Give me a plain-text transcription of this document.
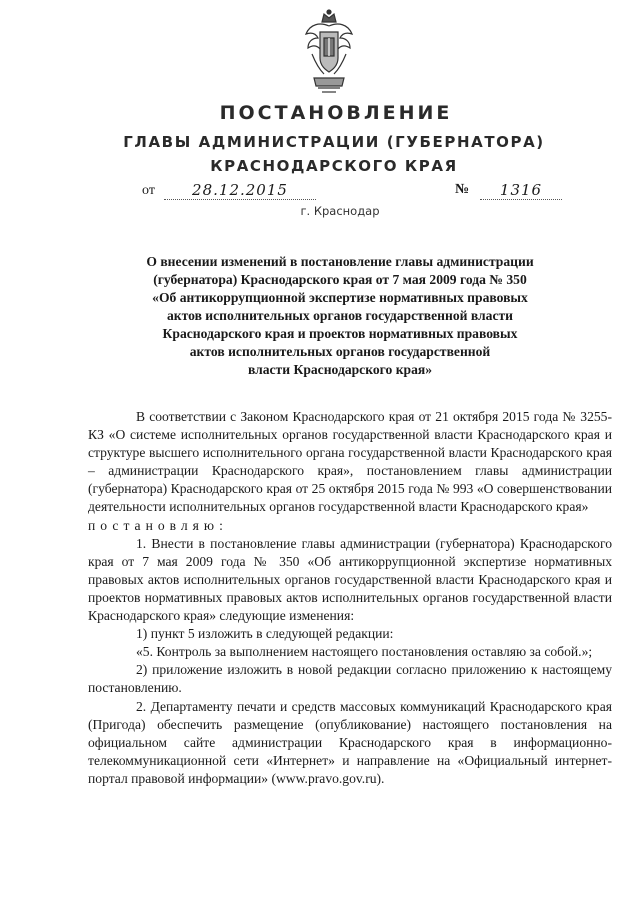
ПОСТАНОВЛЕНИЕ
ГЛАВЫ АДМИНИСТРАЦИИ (ГУБЕРНАТОРА)
КРАСНОДАРСКОГО КРАЯ
от	28.12.2015	№	1316
г. Краснодар
О внесении изменений в постановление главы администрации
(губернатора) Краснодарского края от 7 мая 2009 года № 350
«Об антикоррупционной экспертизе нормативных правовых
актов исполнительных органов государственной власти
Краснодарского края и проектов нормативных правовых
актов исполнительных органов государственной
власти Краснодарского края»

В соответствии с Законом Краснодарского края от 21 октября 2015 года № 3255-КЗ «О системе исполнительных органов государственной власти Краснодарского края и структуре высшего исполнительного органа государственной власти Краснодарского края – администрации Краснодарского края», постановлением главы администрации (губернатора) Краснодарского края от 25 октября 2015 года № 993 «О совершенствовании деятельности исполнительных органов государственной власти Краснодарского края»

постановляю:

1. Внести в постановление главы администрации (губернатора) Краснодарского края от 7 мая 2009 года № 350 «Об антикоррупционной экспертизе нормативных правовых актов исполнительных органов государственной власти Краснодарского края и проектов нормативных правовых актов исполнительных органов государственной власти Краснодарского края» следующие изменения:

1) пункт 5 изложить в следующей редакции:

«5. Контроль за выполнением настоящего постановления оставляю за собой.»;

2) приложение изложить в новой редакции согласно приложению к настоящему постановлению.

2. Департаменту печати и средств массовых коммуникаций Краснодарского края (Пригода) обеспечить размещение (опубликование) настоящего постановления на официальном сайте администрации Краснодарского края в информационно-телекоммуникационной сети «Интернет» и направление на «Официальный интернет-портал правовой информации» (www.pravo.gov.ru).
